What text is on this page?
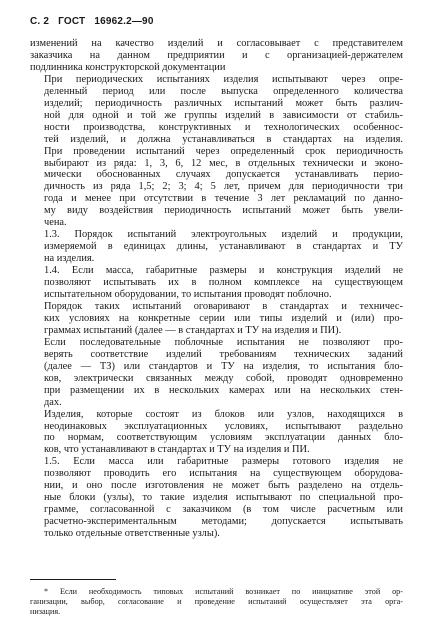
С. 2 ГОСТ 16962.2—90

изменений на качество изделий и согласовывает с представителем
заказчика на данном предприятии и с организацией-держателем
подлинника конструкторской документации

При периодических испытаниях изделия испытывают через опре-
деленный период или после выпуска определенного количества
изделий; периодичность различных испытаний может быть различ-
ной для одной и той же группы изделий в зависимости от стабиль-
ности производства, конструктивных и технологических особеннос-
тей изделий, и должна устанавливаться в стандартах на изделия.
При проведении испытаний через определенный срок периодичность
выбирают из ряда: 1, 3, 6, 12 мес, в отдельных технически и эконо-
мически обоснованных случаях допускается устанавливать перио-
дичность из ряда 1,5; 2; 3; 4; 5 лет, причем для периодичности три
года и менее при отсутствии в течение 3 лет рекламаций по данно-
му виду воздействия периодичность испытаний может быть увели-
чена.

1.3. Порядок испытаний электроугольных изделий и продукции,
измеряемой в единицах длины, устанавливают в стандартах и ТУ
на изделия.

1.4. Если масса, габаритные размеры и конструкция изделий не
позволяют испытывать их в полном комплексе на существующем
испытательном оборудовании, то испытания проводят поблочно.

Порядок таких испытаний оговаривают в стандартах и техничес-
ких условиях на конкретные серии или типы изделий и (или) про-
граммах испытаний (далее — в стандартах и ТУ на изделия и ПИ).

Если последовательные поблочные испытания не позволяют про-
верять соответствие изделий требованиям технических заданий
(далее — ТЗ) или стандартов и ТУ на изделия, то испытания бло-
ков, электрически связанных между собой, проводят одновременно
при размещении их в нескольких камерах или на нескольких стен-
дах.

Изделия, которые состоят из блоков или узлов, находящихся в
неодинаковых эксплуатационных условиях, испытывают раздельно
по нормам, соответствующим условиям эксплуатации данных бло-
ков, что устанавливают в стандартах и ТУ на изделия и ПИ.

1.5. Если масса или габаритные размеры готового изделия не
позволяют проводить его испытания на существующем оборудова-
нии, и оно после изготовления не может быть разделено на отдель-
ные блоки (узлы), то такие изделия испытывают по специальной про-
грамме, согласованной с заказчиком (в том числе расчетным или
расчетно-экспериментальным методами; допускается испытывать
только отдельные ответственные узлы).

* Если необходимость типовых испытаний возникает по инициативе этой ор-
ганизации, выбор, согласование и проведение испытаний осуществляет эта орга-
низация.
